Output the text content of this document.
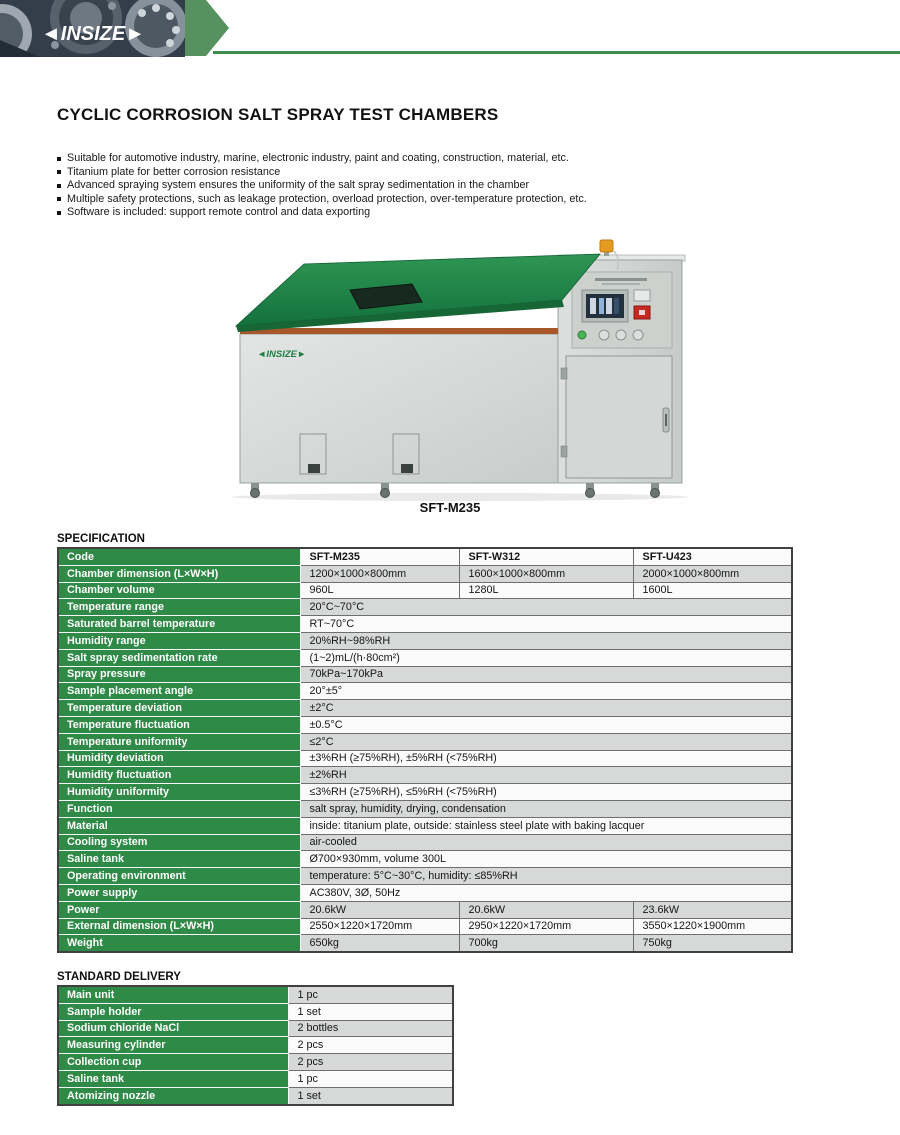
◄INSIZE►
CYCLIC CORROSION SALT SPRAY TEST CHAMBERS
Suitable for automotive industry, marine, electronic industry, paint and coating, construction, material, etc.
Titanium plate for better corrosion resistance
Advanced spraying system ensures the uniformity of the salt spray sedimentation in the chamber
Multiple safety protections, such as leakage protection, overload protection, over-temperature protection, etc.
Software is included: support remote control and data exporting
◄INSIZE►
SFT-M235
SPECIFICATION
Code	SFT-M235	SFT-W312	SFT-U423
Chamber dimension (L×W×H)	1200×1000×800mm	1600×1000×800mm	2000×1000×800mm
Chamber volume	960L	1280L	1600L
Temperature range	20°C~70°C		
Saturated barrel temperature	RT~70°C		
Humidity range	20%RH~98%RH		
Salt spray sedimentation rate	(1~2)mL/(h·80cm²)		
Spray pressure	70kPa~170kPa		
Sample placement angle	20°±5°		
Temperature deviation	±2°C		
Temperature fluctuation	±0.5°C		
Temperature uniformity	≤2°C		
Humidity deviation	±3%RH (≥75%RH), ±5%RH (<75%RH)		
Humidity fluctuation	±2%RH		
Humidity uniformity	≤3%RH (≥75%RH), ≤5%RH (<75%RH)		
Function	salt spray, humidity, drying, condensation		
Material	inside: titanium plate, outside: stainless steel plate with baking lacquer		
Cooling system	air-cooled		
Saline tank	Ø700×930mm, volume 300L		
Operating environment	temperature: 5°C~30°C, humidity: ≤85%RH		
Power supply	AC380V, 3Ø, 50Hz		
Power	20.6kW	20.6kW	23.6kW
External dimension (L×W×H)	2550×1220×1720mm	2950×1220×1720mm	3550×1220×1900mm
Weight	650kg	700kg	750kg
STANDARD DELIVERY
Main unit	1 pc
Sample holder	1 set
Sodium chloride NaCl	2 bottles
Measuring cylinder	2 pcs
Collection cup	2 pcs
Saline tank	1 pc
Atomizing nozzle	1 set
